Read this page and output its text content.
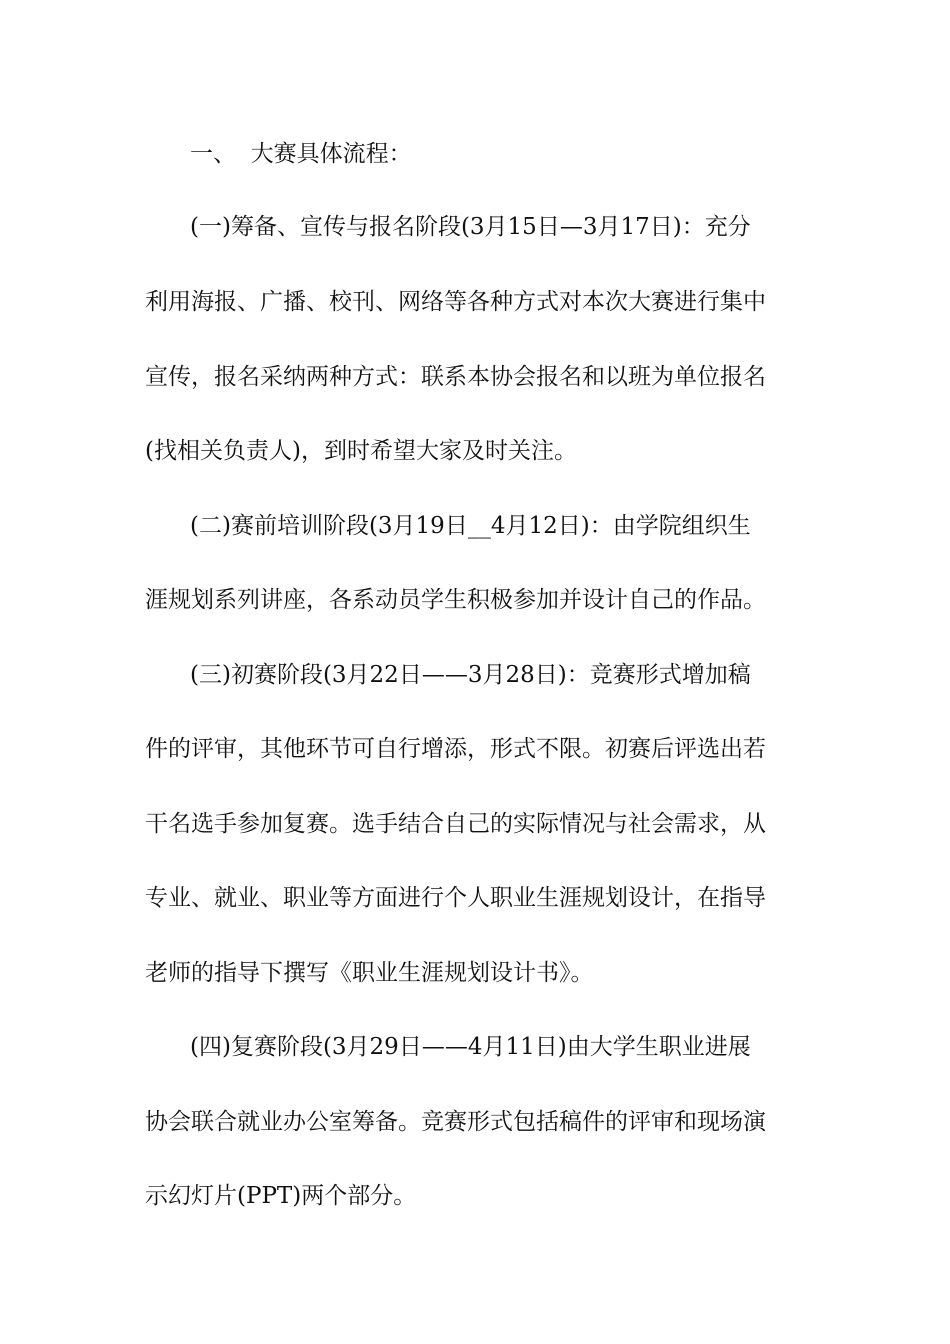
一、  大赛具体流程：

(一)筹备、宣传与报名阶段(3月15日—3月17日)：充分

利用海报、广播、校刊、网络等各种方式对本次大赛进行集中

宣传，报名采纳两种方式：联系本协会报名和以班为单位报名

(找相关负责人)，到时希望大家及时关注。

(二)赛前培训阶段(3月19日__4月12日)：由学院组织生

涯规划系列讲座，各系动员学生积极参加并设计自己的作品。

(三)初赛阶段(3月22日——3月28日)：竞赛形式增加稿

件的评审，其他环节可自行增添，形式不限。初赛后评选出若

干名选手参加复赛。选手结合自己的实际情况与社会需求，从

专业、就业、职业等方面进行个人职业生涯规划设计，在指导

老师的指导下撰写《职业生涯规划设计书》。

(四)复赛阶段(3月29日——4月11日)由大学生职业进展

协会联合就业办公室筹备。竞赛形式包括稿件的评审和现场演

示幻灯片(PPT)两个部分。
